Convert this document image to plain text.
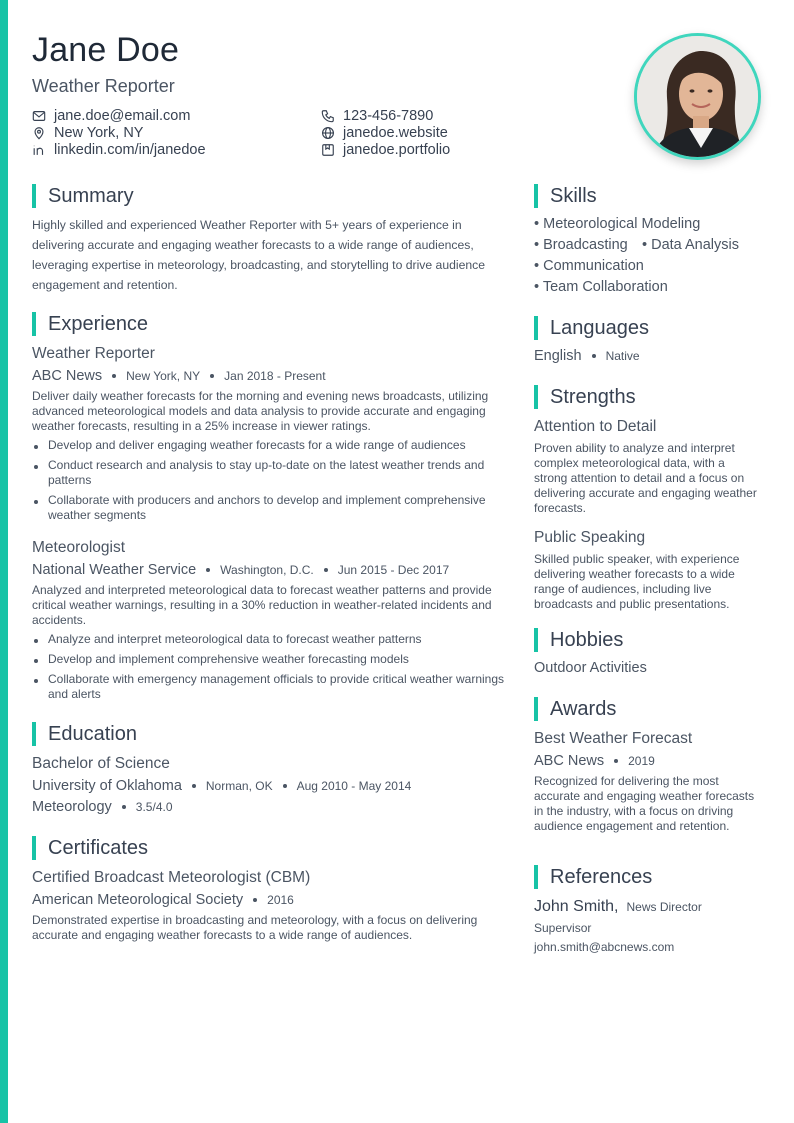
Jane Doe
Weather Reporter
jane.doe@email.com	123-456-7890
New York, NY	janedoe.website
linkedin.com/in/janedoe	janedoe.portfolio
Summary
Highly skilled and experienced Weather Reporter with 5+ years of experience in delivering accurate and engaging weather forecasts to a wide range of audiences, leveraging expertise in meteorology, broadcasting, and storytelling to drive audience engagement and retention.
Experience
Weather Reporter
ABC News New York, NY Jan 2018 - Present
Deliver daily weather forecasts for the morning and evening news broadcasts, utilizing advanced meteorological models and data analysis to provide accurate and engaging weather forecasts, resulting in a 25% increase in viewer ratings.
Develop and deliver engaging weather forecasts for a wide range of audiences
Conduct research and analysis to stay up-to-date on the latest weather trends and patterns
Collaborate with producers and anchors to develop and implement comprehensive weather segments
Meteorologist
National Weather Service Washington, D.C. Jun 2015 - Dec 2017
Analyzed and interpreted meteorological data to forecast weather patterns and provide critical weather warnings, resulting in a 30% reduction in weather-related incidents and accidents.
Analyze and interpret meteorological data to forecast weather patterns
Develop and implement comprehensive weather forecasting models
Collaborate with emergency management officials to provide critical weather warnings and alerts
Education
Bachelor of Science
University of Oklahoma Norman, OK Aug 2010 - May 2014
Meteorology 3.5/4.0
Certificates
Certified Broadcast Meteorologist (CBM)
American Meteorological Society 2016
Demonstrated expertise in broadcasting and meteorology, with a focus on delivering accurate and engaging weather forecasts to a wide range of audiences.
Skills
• Meteorological Modeling
• Broadcasting • Data Analysis
• Communication
• Team Collaboration
Languages
English Native
Strengths
Attention to Detail
Proven ability to analyze and interpret complex meteorological data, with a strong attention to detail and a focus on delivering accurate and engaging weather forecasts.
Public Speaking
Skilled public speaker, with experience delivering weather forecasts to a wide range of audiences, including live broadcasts and public presentations.
Hobbies
Outdoor Activities
Awards
Best Weather Forecast
ABC News 2019
Recognized for delivering the most accurate and engaging weather forecasts in the industry, with a focus on driving audience engagement and retention.
References
John Smith, News Director
Supervisor
john.smith@abcnews.com
